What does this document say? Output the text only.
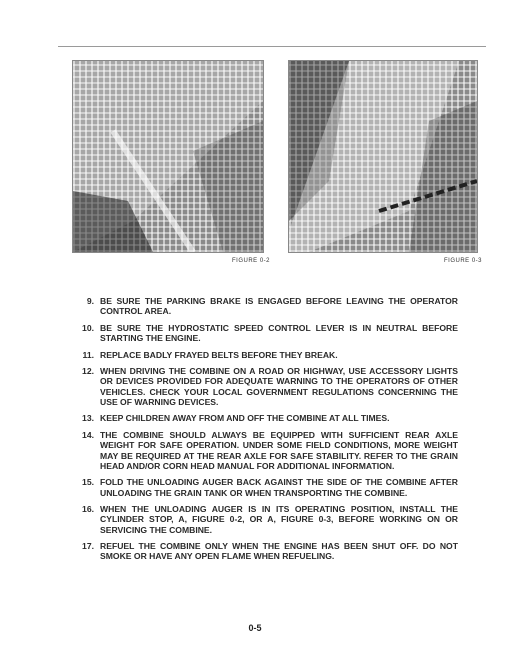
FIGURE 0-2	FIGURE 0-3
9. BE SURE THE PARKING BRAKE IS ENGAGED BEFORE LEAVING THE OPERATOR CONTROL AREA.
10. BE SURE THE HYDROSTATIC SPEED CONTROL LEVER IS IN NEUTRAL BEFORE STARTING THE ENGINE.
11. REPLACE BADLY FRAYED BELTS BEFORE THEY BREAK.
12. WHEN DRIVING THE COMBINE ON A ROAD OR HIGHWAY, USE ACCESSORY LIGHTS OR DEVICES PROVIDED FOR ADEQUATE WARNING TO THE OPERATORS OF OTHER VEHICLES. CHECK YOUR LOCAL GOVERNMENT REGULATIONS CONCERNING THE USE OF WARNING DEVICES.
13. KEEP CHILDREN AWAY FROM AND OFF THE COMBINE AT ALL TIMES.
14. THE COMBINE SHOULD ALWAYS BE EQUIPPED WITH SUFFICIENT REAR AXLE WEIGHT FOR SAFE OPERATION. UNDER SOME FIELD CONDITIONS, MORE WEIGHT MAY BE REQUIRED AT THE REAR AXLE FOR SAFE STABILITY. REFER TO THE GRAIN HEAD AND/OR CORN HEAD MANUAL FOR ADDITIONAL INFORMATION.
15. FOLD THE UNLOADING AUGER BACK AGAINST THE SIDE OF THE COMBINE AFTER UNLOADING THE GRAIN TANK OR WHEN TRANSPORTING THE COMBINE.
16. WHEN THE UNLOADING AUGER IS IN ITS OPERATING POSITION, INSTALL THE CYLINDER STOP, A, FIGURE 0-2, OR A, FIGURE 0-3, BEFORE WORKING ON OR SERVICING THE COMBINE.
17. REFUEL THE COMBINE ONLY WHEN THE ENGINE HAS BEEN SHUT OFF. DO NOT SMOKE OR HAVE ANY OPEN FLAME WHEN REFUELING.
0-5
